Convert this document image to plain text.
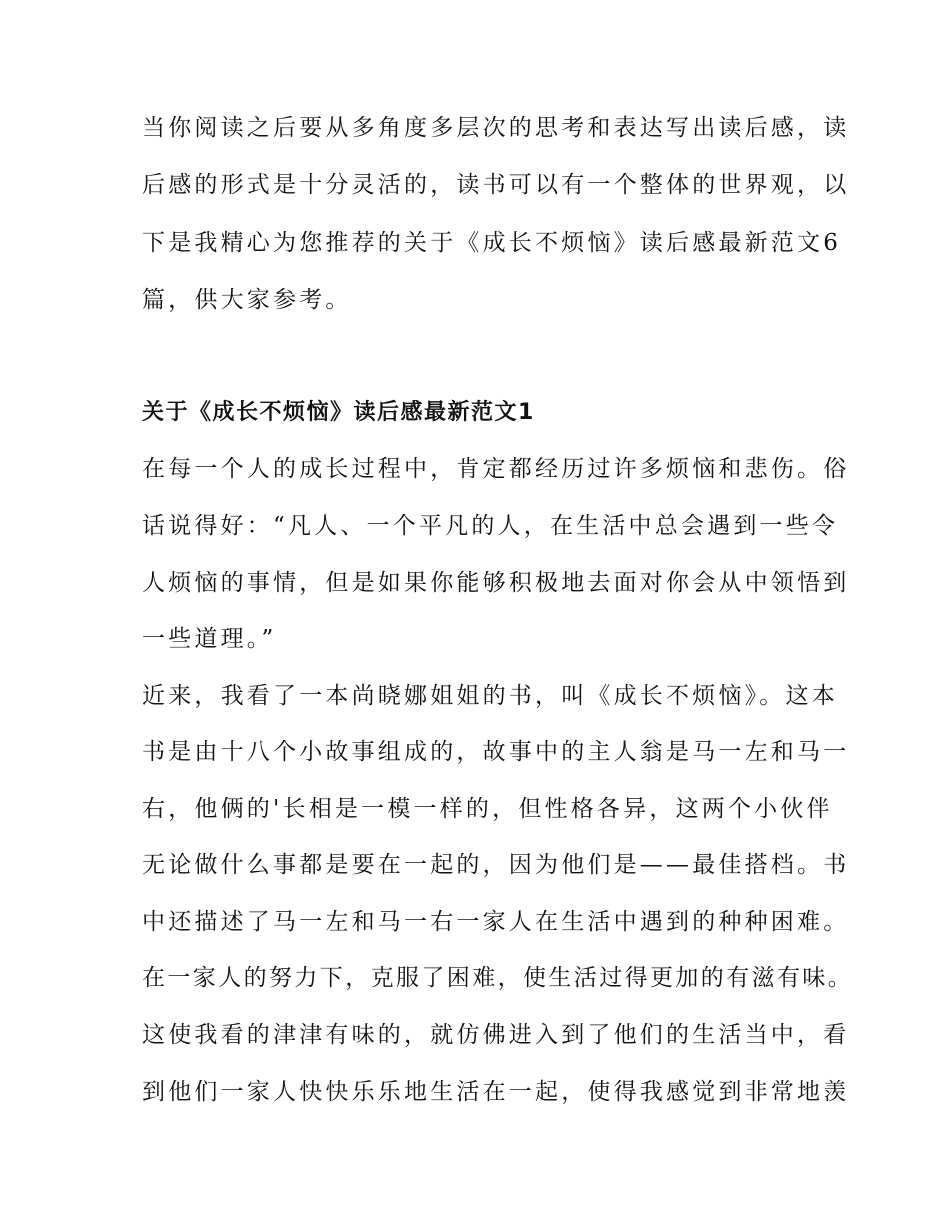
当你阅读之后要从多角度多层次的思考和表达写出读后感，读
后感的形式是十分灵活的，读书可以有一个整体的世界观，以
下是我精心为您推荐的关于《成长不烦恼》读后感最新范文6
篇，供大家参考。
关于《成长不烦恼》读后感最新范文1
在每一个人的成长过程中，肯定都经历过许多烦恼和悲伤。俗
话说得好：“凡人、一个平凡的人，在生活中总会遇到一些令
人烦恼的事情，但是如果你能够积极地去面对你会从中领悟到
一些道理。”
近来，我看了一本尚晓娜姐姐的书，叫《成长不烦恼》。这本
书是由十八个小故事组成的，故事中的主人翁是马一左和马一
右，他俩的'长相是一模一样的，但性格各异，这两个小伙伴
无论做什么事都是要在一起的，因为他们是——最佳搭档。书
中还描述了马一左和马一右一家人在生活中遇到的种种困难。
在一家人的努力下，克服了困难，使生活过得更加的有滋有味。
这使我看的津津有味的，就仿佛进入到了他们的生活当中，看
到他们一家人快快乐乐地生活在一起，使得我感觉到非常地羡
